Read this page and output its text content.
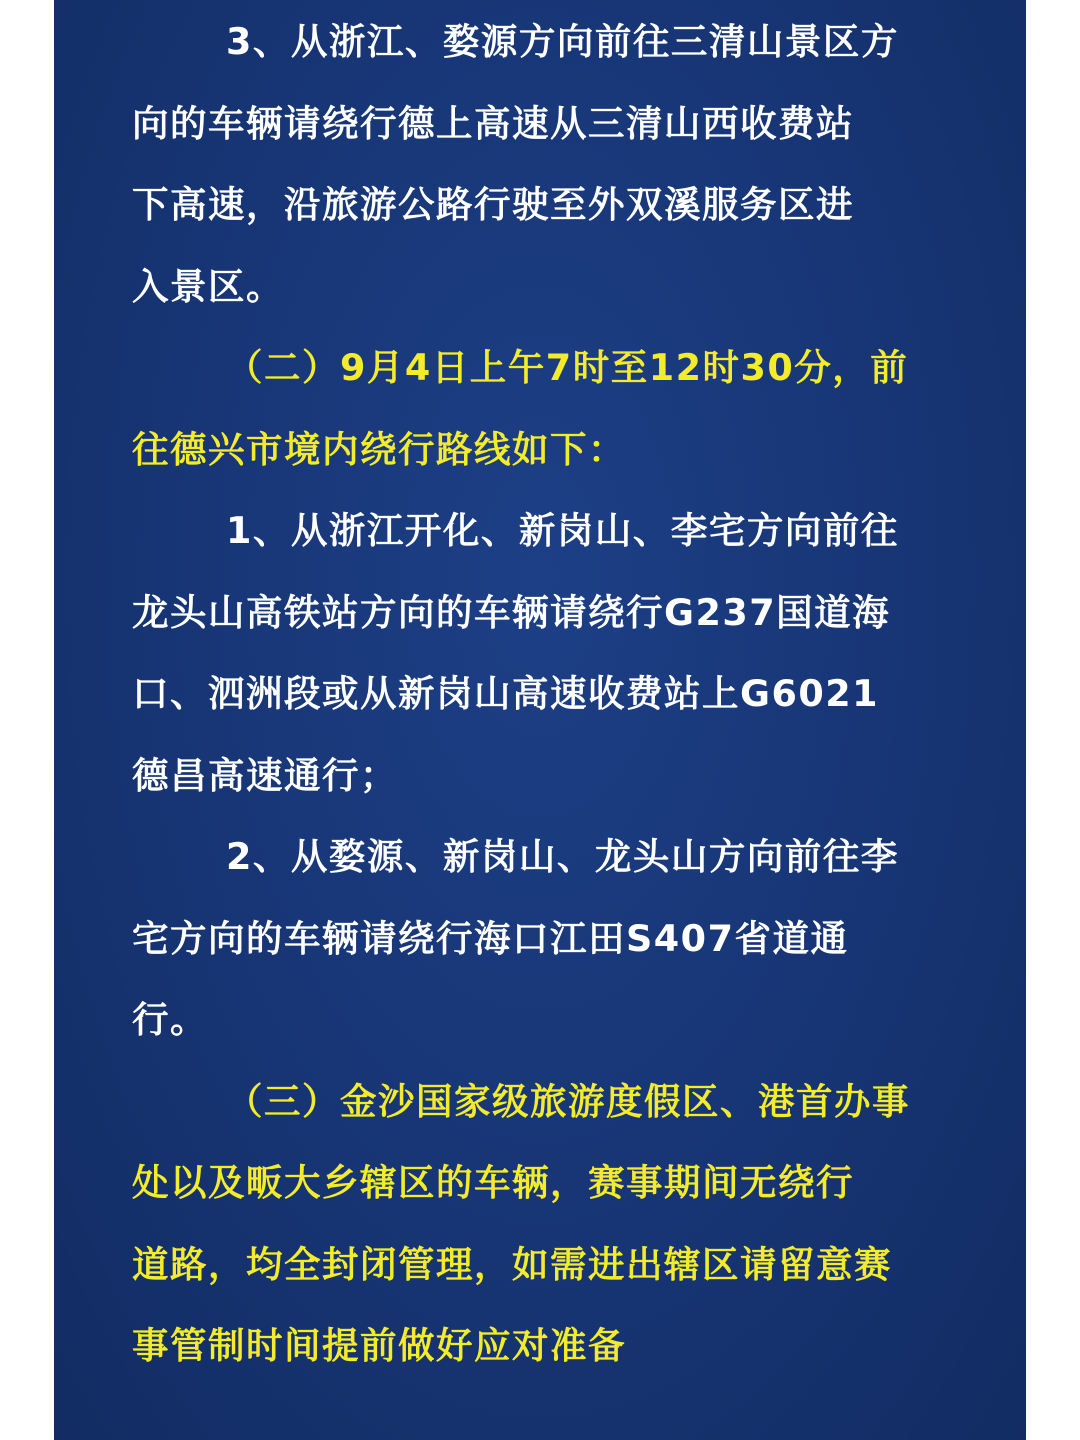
3、从浙江、婺源方向前往三清山景区方
向的车辆请绕行德上高速从三清山西收费站
下高速，沿旅游公路行驶至外双溪服务区进
入景区。
（二）9月4日上午7时至12时30分，前
往德兴市境内绕行路线如下：
1、从浙江开化、新岗山、李宅方向前往
龙头山高铁站方向的车辆请绕行G237国道海
口、泗洲段或从新岗山高速收费站上G6021
德昌高速通行；
2、从婺源、新岗山、龙头山方向前往李
宅方向的车辆请绕行海口江田S407省道通
行。
（三）金沙国家级旅游度假区、港首办事
处以及畈大乡辖区的车辆，赛事期间无绕行
道路，均全封闭管理，如需进出辖区请留意赛
事管制时间提前做好应对准备
